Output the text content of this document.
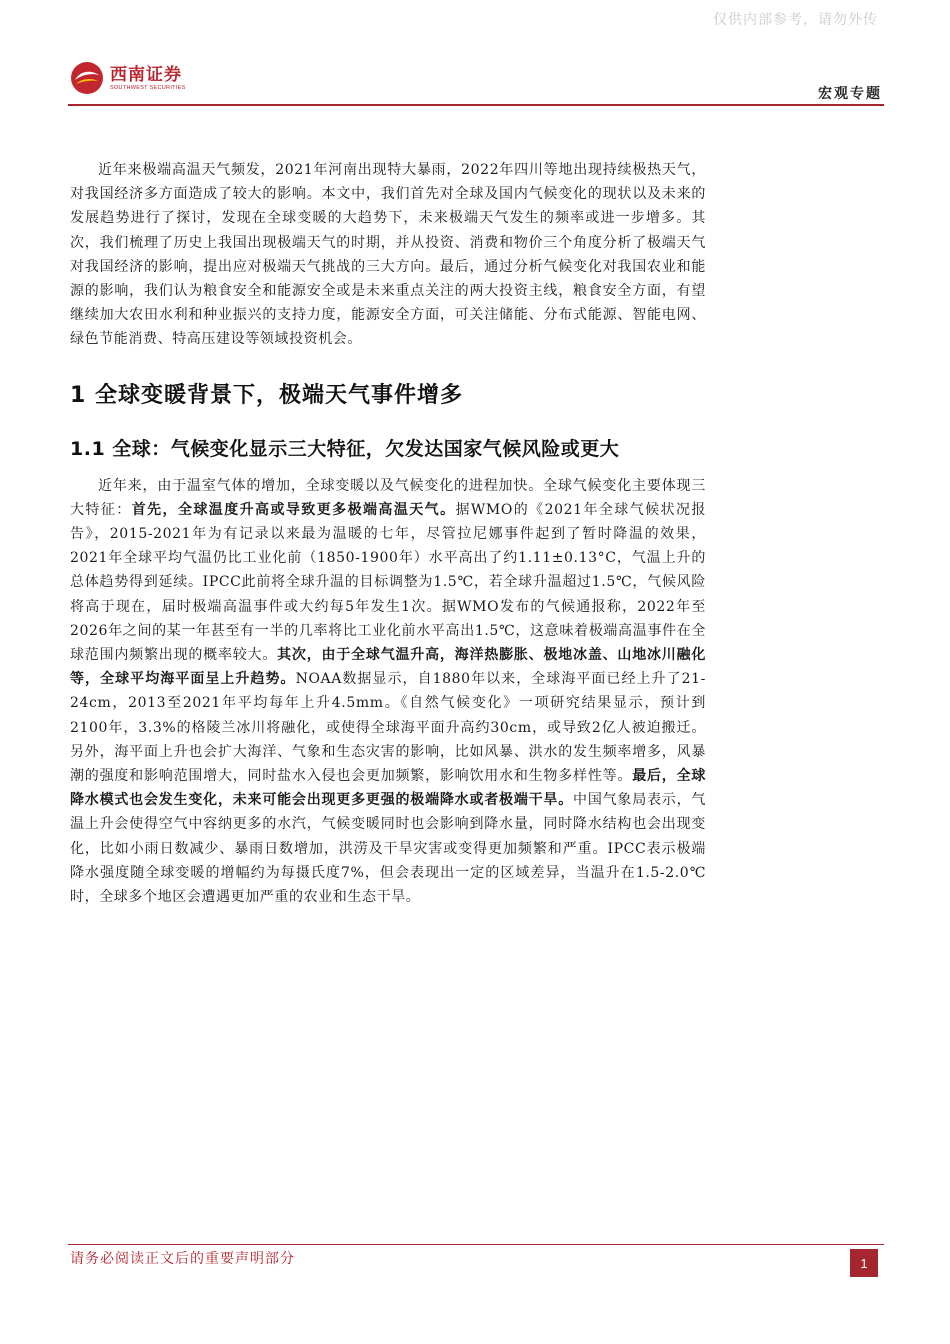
仅供内部参考，请勿外传
西南证券
SOUTHWEST SECURITIES	宏观专题

近年来极端高温天气频发，2021年河南出现特大暴雨，2022年四川等地出现持续极热天气，对我国经济多方面造成了较大的影响。本文中，我们首先对全球及国内气候变化的现状以及未来的发展趋势进行了探讨，发现在全球变暖的大趋势下，未来极端天气发生的频率或进一步增多。其次，我们梳理了历史上我国出现极端天气的时期，并从投资、消费和物价三个角度分析了极端天气对我国经济的影响，提出应对极端天气挑战的三大方向。最后，通过分析气候变化对我国农业和能源的影响，我们认为粮食安全和能源安全或是未来重点关注的两大投资主线，粮食安全方面，有望继续加大农田水利和种业振兴的支持力度，能源安全方面，可关注储能、分布式能源、智能电网、绿色节能消费、特高压建设等领域投资机会。

1 全球变暖背景下，极端天气事件增多
1.1 全球：气候变化显示三大特征，欠发达国家气候风险或更大

近年来，由于温室气体的增加，全球变暖以及气候变化的进程加快。全球气候变化主要体现三大特征：首先，全球温度升高或导致更多极端高温天气。据WMO的《2021年全球气候状况报告》，2015-2021年为有记录以来最为温暖的七年，尽管拉尼娜事件起到了暂时降温的效果，2021年全球平均气温仍比工业化前（1850-1900年）水平高出了约1.11±0.13°C，气温上升的总体趋势得到延续。IPCC此前将全球升温的目标调整为1.5℃，若全球升温超过1.5℃，气候风险将高于现在，届时极端高温事件或大约每5年发生1次。据WMO发布的气候通报称，2022年至2026年之间的某一年甚至有一半的几率将比工业化前水平高出1.5℃，这意味着极端高温事件在全球范围内频繁出现的概率较大。其次，由于全球气温升高，海洋热膨胀、极地冰盖、山地冰川融化等，全球平均海平面呈上升趋势。NOAA数据显示，自1880年以来，全球海平面已经上升了21-24cm，2013至2021年平均每年上升4.5mm。《自然气候变化》一项研究结果显示，预计到2100年，3.3%的格陵兰冰川将融化，或使得全球海平面升高约30cm，或导致2亿人被迫搬迁。另外，海平面上升也会扩大海洋、气象和生态灾害的影响，比如风暴、洪水的发生频率增多，风暴潮的强度和影响范围增大，同时盐水入侵也会更加频繁，影响饮用水和生物多样性等。最后，全球降水模式也会发生变化，未来可能会出现更多更强的极端降水或者极端干旱。中国气象局表示，气温上升会使得空气中容纳更多的水汽，气候变暖同时也会影响到降水量，同时降水结构也会出现变化，比如小雨日数减少、暴雨日数增加，洪涝及干旱灾害或变得更加频繁和严重。IPCC表示极端降水强度随全球变暖的增幅约为每摄氏度7%，但会表现出一定的区域差异，当温升在1.5-2.0℃时，全球多个地区会遭遇更加严重的农业和生态干旱。

请务必阅读正文后的重要声明部分	1
